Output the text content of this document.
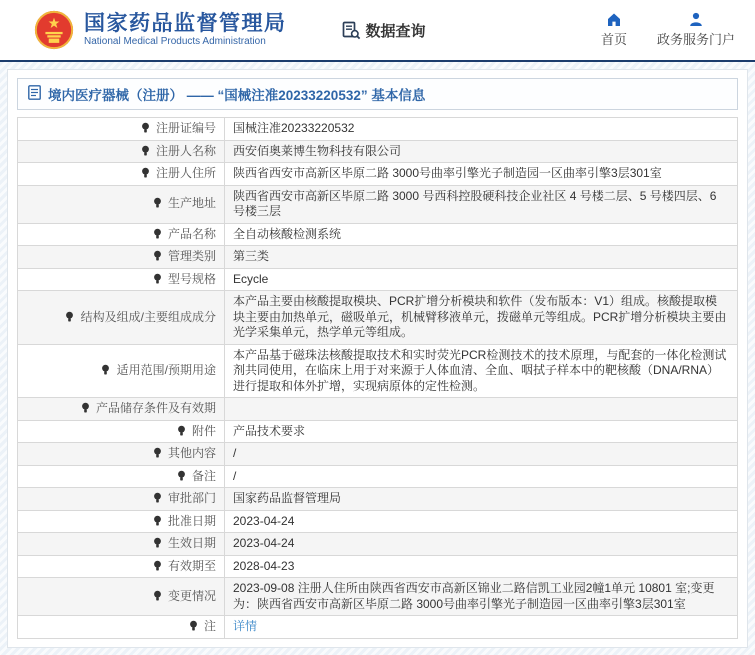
国家药品监督管理局
National Medical Products Administration
数据查询	首页 政务服务门户
境内医疗器械（注册） —— “国械注准20233220532” 基本信息
注册证编号	国械注准20233220532

注册人名称	西安佰奥莱博生物科技有限公司

注册人住所	陕西省西安市高新区毕原二路 3000号曲率引擎光子制造园一区曲率引擎3层301室

生产地址	陕西省西安市高新区毕原二路 3000 号西科控股硬科技企业社区 4 号楼二层、5 号楼四层、6 号楼三层

产品名称	全自动核酸检测系统

管理类别	第三类

型号规格	Ecycle

结构及组成/主要组成成分	本产品主要由核酸提取模块、PCR扩增分析模块和软件（发布版本：V1）组成。核酸提取模块主要由加热单元，磁吸单元，机械臂移液单元，拨磁单元等组成。PCR扩增分析模块主要由光学采集单元，热学单元等组成。

适用范围/预期用途	本产品基于磁珠法核酸提取技术和实时荧光PCR检测技术的技术原理，与配套的一体化检测试剂共同使用，在临床上用于对来源于人体血清、全血、咽拭子样本中的靶核酸（DNA/RNA）进行提取和体外扩增，实现病原体的定性检测。

产品储存条件及有效期	

附件	产品技术要求

其他内容	/

备注	/

审批部门	国家药品监督管理局

批准日期	2023-04-24

生效日期	2023-04-24

有效期至	2028-04-23

变更情况	2023-09-08 注册人住所由陕西省西安市高新区锦业二路信凯工业园2幢1单元 10801 室;变更为：陕西省西安市高新区毕原二路 3000号曲率引擎光子制造园一区曲率引擎3层301室

注	详情
